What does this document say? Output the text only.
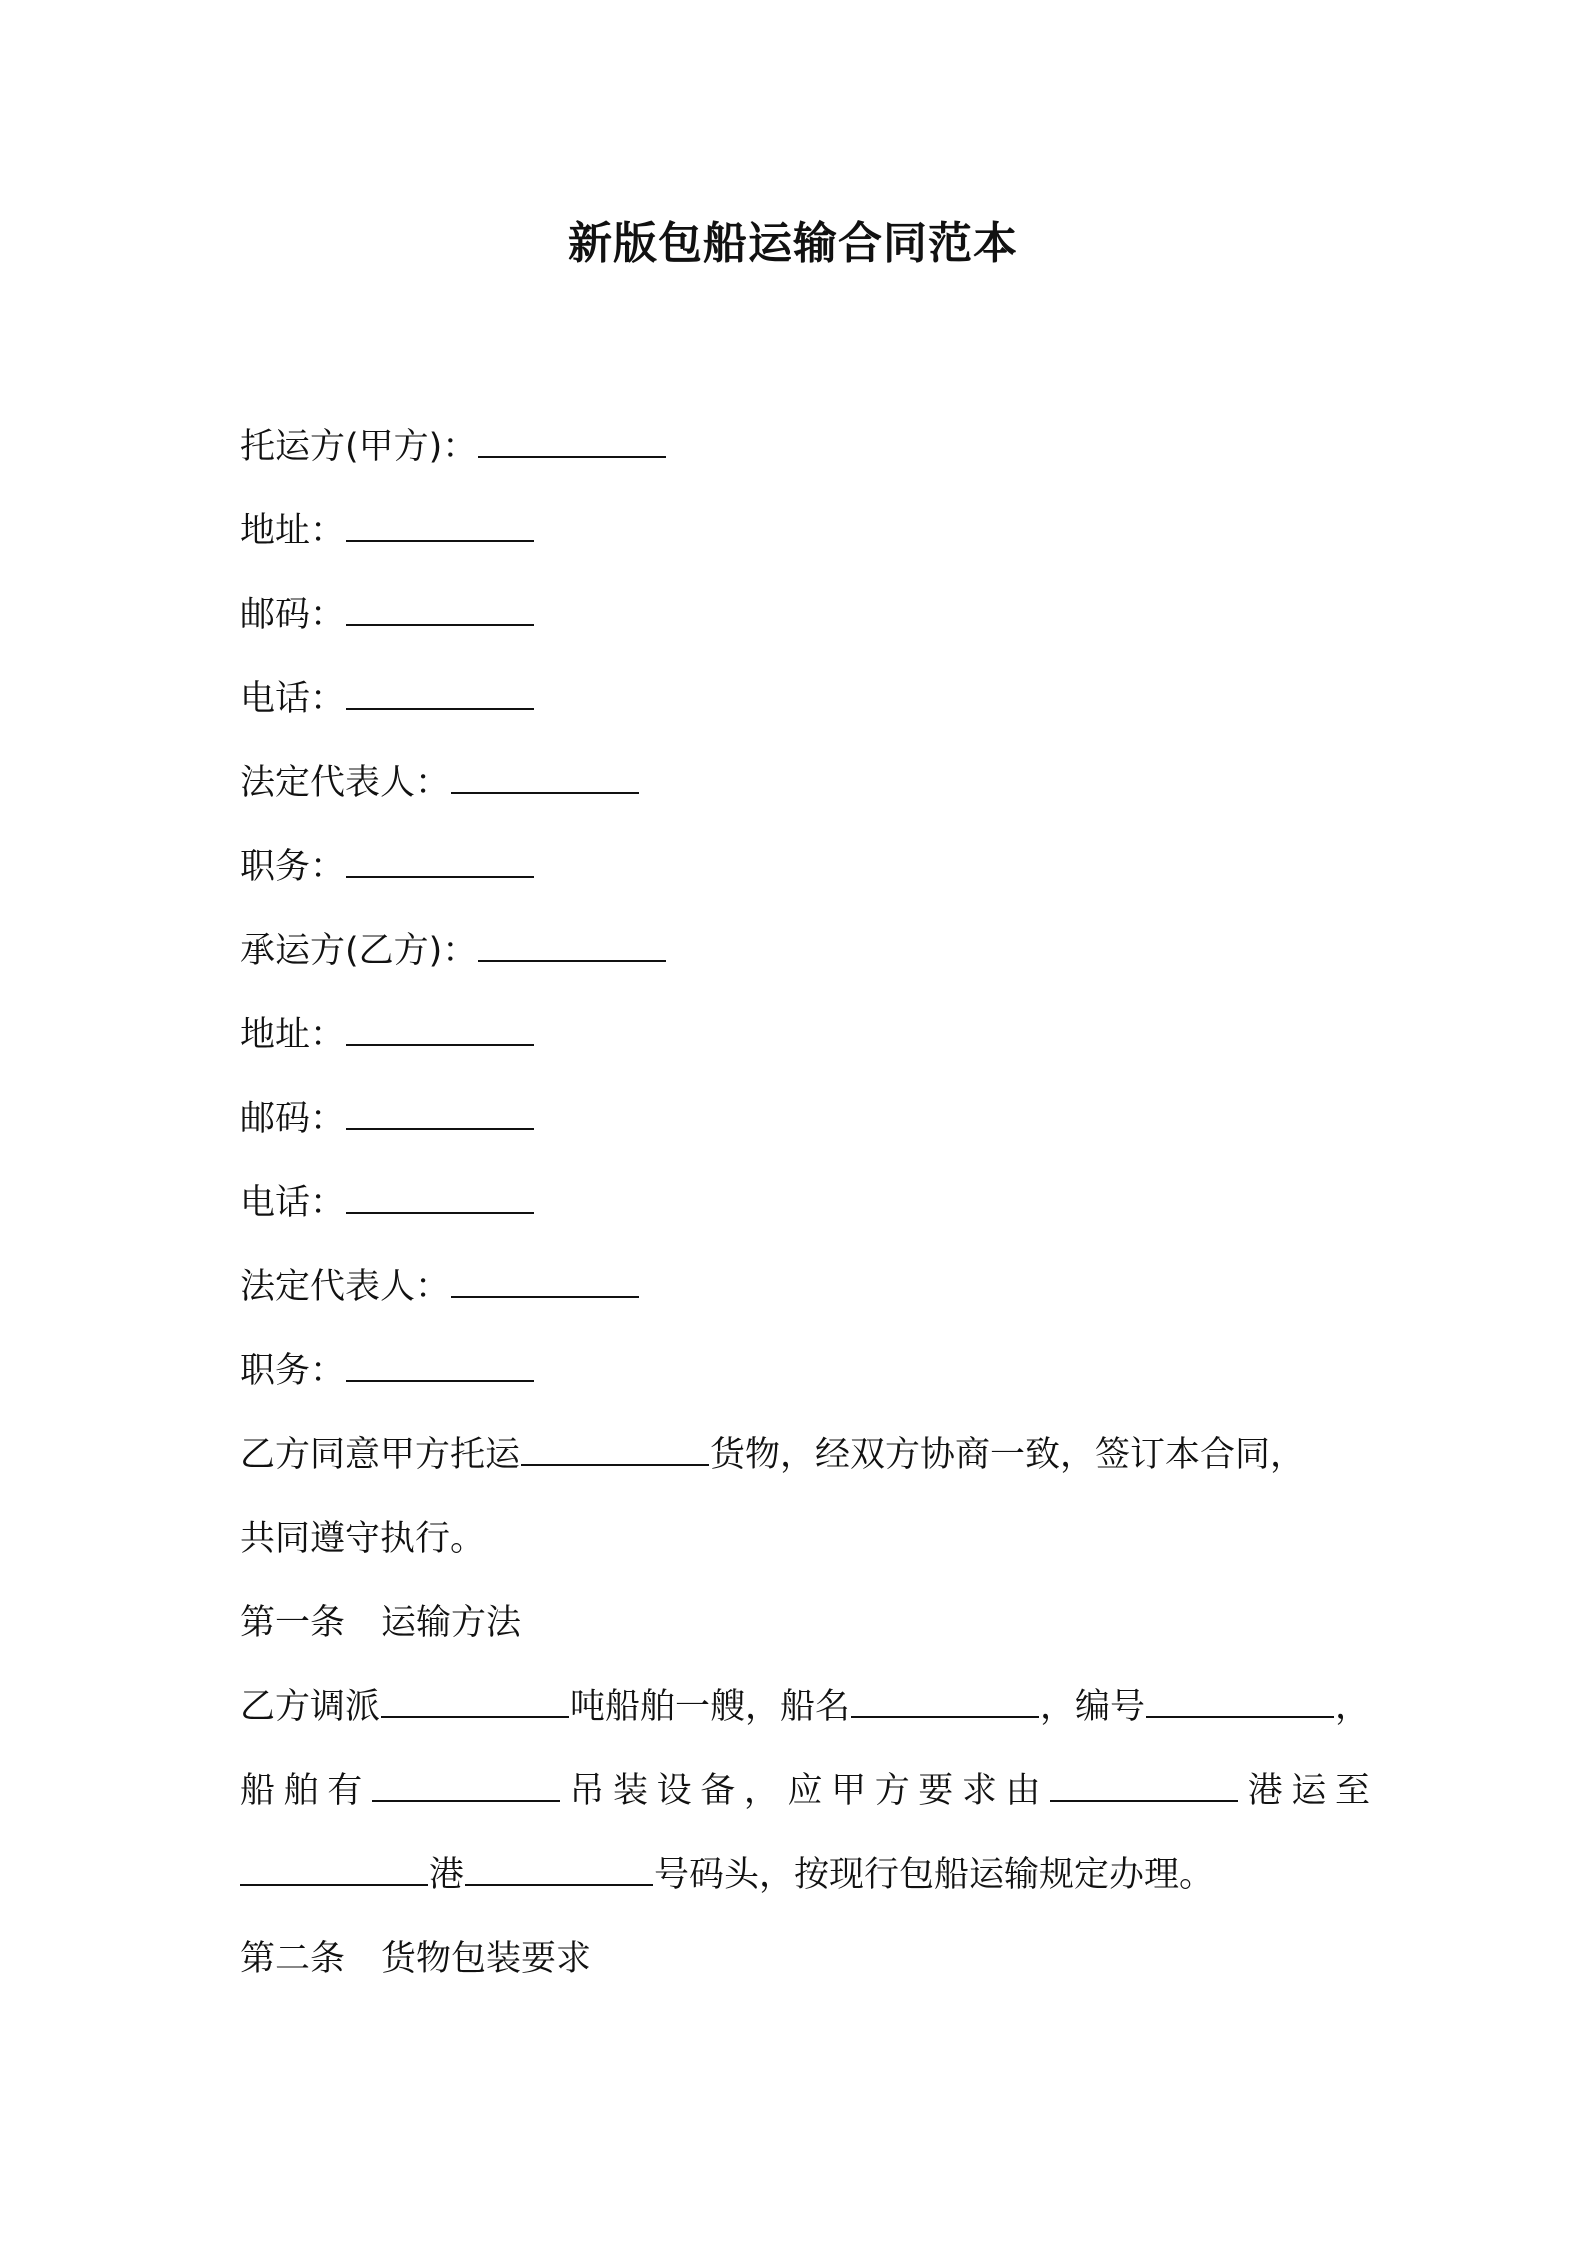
新版包船运输合同范本
托运方(甲方)：
地址：
邮码：
电话：
法定代表人：
职务：
承运方(乙方)：
地址：
邮码：
电话：
法定代表人：
职务：
乙方同意甲方托运	货物，经双方协商一致，签订本合同，
共同遵守执行。
第一条 运输方法
乙方调派	吨船舶一艘，船名	，编号	，
船舶有	吊装设备，应甲方要求由	港运至
港	号码头，按现行包船运输规定办理。
第二条 货物包装要求
